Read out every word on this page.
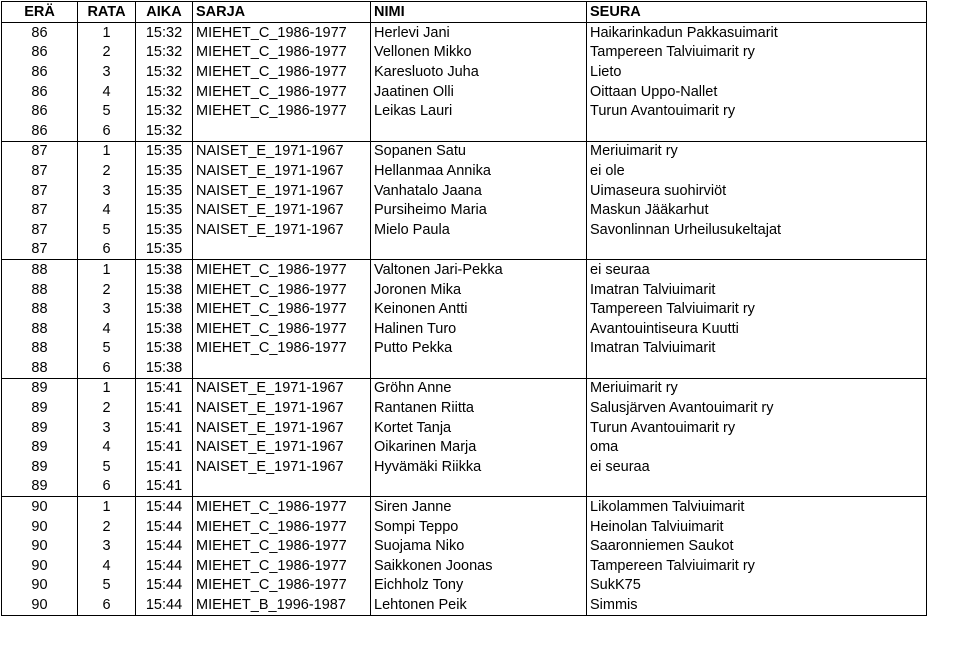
ERÄ	RATA	AIKA	SARJA	NIMI	SEURA
86	1	15:32	MIEHET_C_1986-1977	Herlevi Jani	Haikarinkadun Pakkasuimarit
86	2	15:32	MIEHET_C_1986-1977	Vellonen Mikko	Tampereen Talviuimarit ry
86	3	15:32	MIEHET_C_1986-1977	Karesluoto Juha	Lieto
86	4	15:32	MIEHET_C_1986-1977	Jaatinen Olli	Oittaan Uppo-Nallet
86	5	15:32	MIEHET_C_1986-1977	Leikas Lauri	Turun Avantouimarit ry
86	6	15:32			
87	1	15:35	NAISET_E_1971-1967	Sopanen Satu	Meriuimarit ry
87	2	15:35	NAISET_E_1971-1967	Hellanmaa Annika	ei ole
87	3	15:35	NAISET_E_1971-1967	Vanhatalo Jaana	Uimaseura suohirviöt
87	4	15:35	NAISET_E_1971-1967	Pursiheimo Maria	Maskun Jääkarhut
87	5	15:35	NAISET_E_1971-1967	Mielo Paula	Savonlinnan Urheilusukeltajat
87	6	15:35			
88	1	15:38	MIEHET_C_1986-1977	Valtonen Jari-Pekka	ei seuraa
88	2	15:38	MIEHET_C_1986-1977	Joronen Mika	Imatran Talviuimarit
88	3	15:38	MIEHET_C_1986-1977	Keinonen Antti	Tampereen Talviuimarit ry
88	4	15:38	MIEHET_C_1986-1977	Halinen Turo	Avantouintiseura Kuutti
88	5	15:38	MIEHET_C_1986-1977	Putto Pekka	Imatran Talviuimarit
88	6	15:38			
89	1	15:41	NAISET_E_1971-1967	Gröhn Anne	Meriuimarit ry
89	2	15:41	NAISET_E_1971-1967	Rantanen Riitta	Salusjärven Avantouimarit ry
89	3	15:41	NAISET_E_1971-1967	Kortet Tanja	Turun Avantouimarit ry
89	4	15:41	NAISET_E_1971-1967	Oikarinen Marja	oma
89	5	15:41	NAISET_E_1971-1967	Hyvämäki Riikka	ei seuraa
89	6	15:41			
90	1	15:44	MIEHET_C_1986-1977	Siren Janne	Likolammen Talviuimarit
90	2	15:44	MIEHET_C_1986-1977	Sompi Teppo	Heinolan Talviuimarit
90	3	15:44	MIEHET_C_1986-1977	Suojama Niko	Saaronniemen Saukot
90	4	15:44	MIEHET_C_1986-1977	Saikkonen Joonas	Tampereen Talviuimarit ry
90	5	15:44	MIEHET_C_1986-1977	Eichholz Tony	SukK75
90	6	15:44	MIEHET_B_1996-1987	Lehtonen Peik	Simmis
